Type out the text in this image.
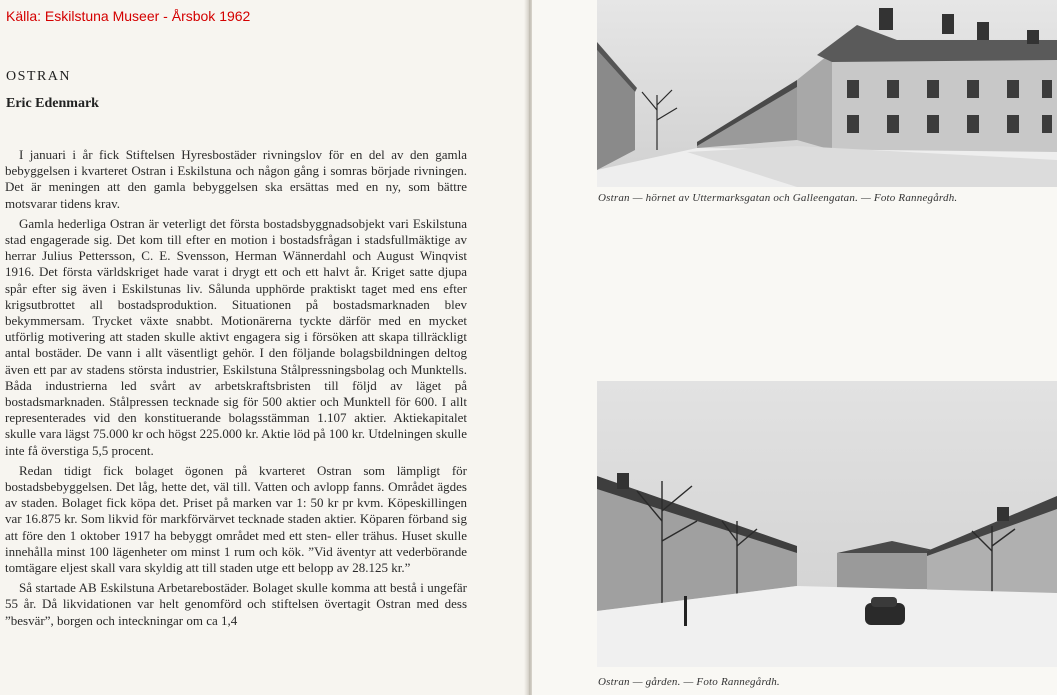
Källa: Eskilstuna Museer - Årsbok 1962
OSTRAN
Eric Edenmark

I januari i år fick Stiftelsen Hyresbostäder rivningslov för en del av den gamla bebyggelsen i kvarteret Ostran i Eskilstuna och någon gång i somras började rivningen. Det är meningen att den gamla bebyggelsen ska ersättas med en ny, som bättre motsvarar tidens krav.

Gamla hederliga Ostran är veterligt det första bostadsbyggnadsobjekt vari Eskilstuna stad engagerade sig. Det kom till efter en motion i bostadsfrågan i stadsfullmäktige av herrar Julius Pettersson, C. E. Svensson, Herman Wännerdahl och August Winqvist 1916. Det första världskriget hade varat i drygt ett och ett halvt år. Kriget satte djupa spår efter sig även i Eskilstunas liv. Sålunda upphörde praktiskt taget med ens efter krigsutbrottet all bostadsproduktion. Situationen på bostadsmarknaden blev bekymmersam. Trycket växte snabbt. Motionärerna tyckte därför med en mycket utförlig motivering att staden skulle aktivt engagera sig i försöken att skapa tillräckligt antal bostäder. De vann i allt väsentligt gehör. I den följande bolagsbildningen deltog även ett par av stadens största industrier, Eskilstuna Stålpressningsbolag och Munktells. Båda industrierna led svårt av arbetskraftsbristen till följd av läget på bostadsmarknaden. Stålpressen tecknade sig för 500 aktier och Munktell för 600. I allt representerades vid den konstituerande bolagsstämman 1.107 aktier. Aktiekapitalet skulle vara lägst 75.000 kr och högst 225.000 kr. Aktie löd på 100 kr. Utdelningen skulle inte få överstiga 5,5 procent.

Redan tidigt fick bolaget ögonen på kvarteret Ostran som lämpligt för bostadsbebyggelsen. Det låg, hette det, väl till. Vatten och avlopp fanns. Området ägdes av staden. Bolaget fick köpa det. Priset på marken var 1: 50 kr pr kvm. Köpeskillingen var 16.875 kr. Som likvid för markförvärvet tecknade staden aktier. Köparen förband sig att före den 1 oktober 1917 ha bebyggt området med ett sten- eller trähus. Huset skulle innehålla minst 100 lägenheter om minst 1 rum och kök. ”Vid äventyr att vederbörande tomtägare eljest skall vara skyldig att till staden utge ett belopp av 28.125 kr.”

Så startade AB Eskilstuna Arbetarebostäder. Bolaget skulle komma att bestå i ungefär 55 år. Då likvidationen var helt genomförd och stiftelsen övertagit Ostran med dess ”besvär”, borgen och inteckningar om ca 1,4

Ostran — hörnet av Uttermarksgatan och Galleengatan. — Foto Rannegårdh.
Ostran — gården. — Foto Rannegårdh.
